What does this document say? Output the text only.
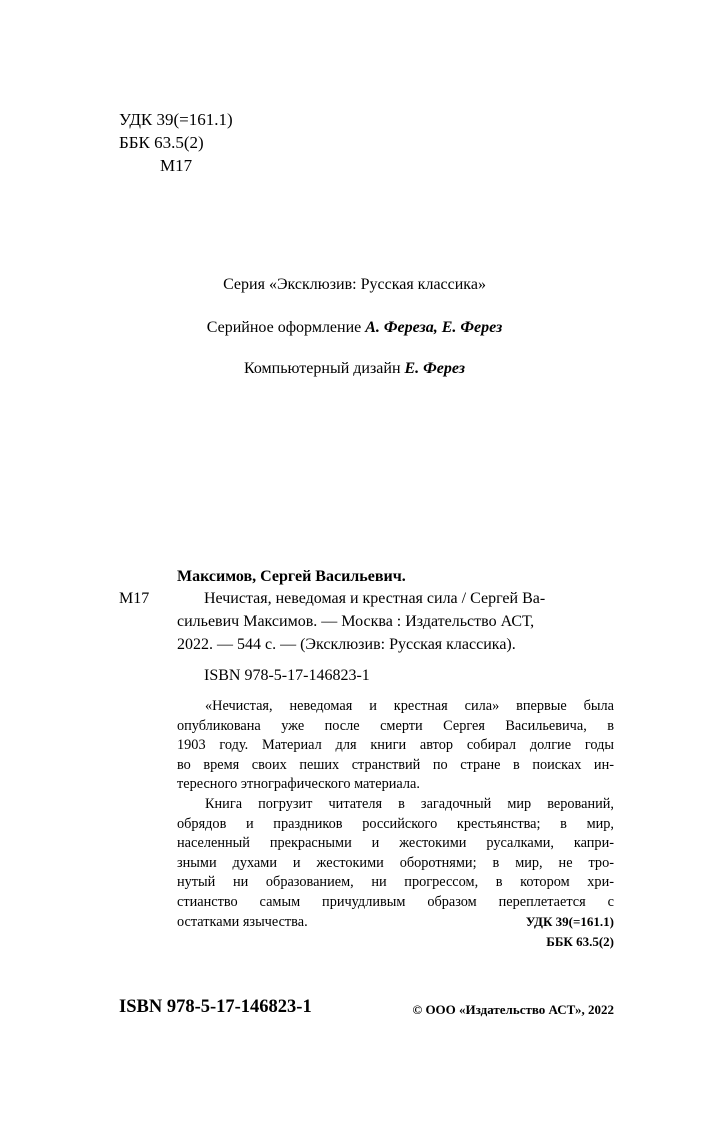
УДК 39(=161.1)
ББК 63.5(2)
М17
Серия «Эксклюзив: Русская классика»
Серийное оформление А. Фереза, Е. Ферез
Компьютерный дизайн Е. Ферез
Максимов, Сергей Васильевич.
М17	Нечистая, неведомая и крестная сила / Сергей Ва-
сильевич Максимов. — Москва : Издательство АСТ,
2022. — 544 с. — (Эксклюзив: Русская классика).
ISBN 978-5-17-146823-1
«Нечистая, неведомая и крестная сила» впервые была
опубликована уже после смерти Сергея Васильевича, в
1903 году. Материал для книги автор собирал долгие годы
во время своих пеших странствий по стране в поисках ин-
тересного этнографического материала.
Книга погрузит читателя в загадочный мир верований,
обрядов и праздников российского крестьянства; в мир,
населенный прекрасными и жестокими русалками, капри-
зными духами и жестокими оборотнями; в мир, не тро-
нутый ни образованием, ни прогрессом, в котором хри-
стианство самым причудливым образом переплетается с
остатками язычества.	УДК 39(=161.1)
ББК 63.5(2)
ISBN 978-5-17-146823-1	© ООО «Издательство АСТ», 2022
